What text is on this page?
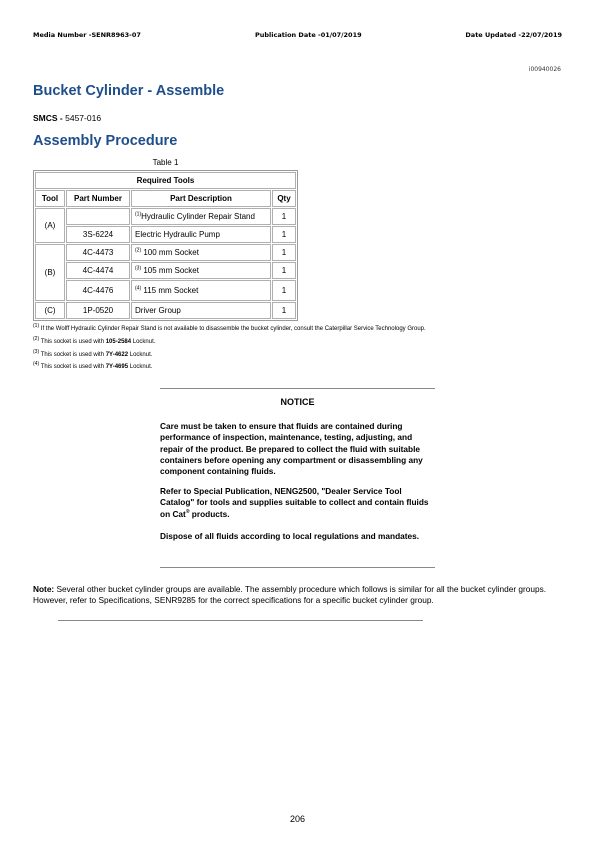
Media Number -SENR8963-07	Publication Date -01/07/2019	Date Updated -22/07/2019
i00940026
Bucket Cylinder - Assemble
SMCS - 5457-016
Assembly Procedure
Table 1
Required Tools			
Tool	Part Number	Part Description	Qty
(A)		$^{(1)}$Hydraulic Cylinder Repair Stand	1
	3S-6224	Electric Hydraulic Pump	1
(B)	4C-4473	$^{(2)}$ 100 mm Socket	1
	4C-4474	$^{(3)}$ 105 mm Socket	1
	4C-4476	$^{(4)}$ 115 mm Socket	1
(C)	1P-0520	Driver Group	1
$^{(1)}$ If the Wolff Hydraulic Cylinder Repair Stand is not available to disassemble the bucket cylinder, consult the Caterpillar Service Technology Group.
$^{(2)}$ This socket is used with 105-2584 Locknut.
$^{(3)}$ This socket is used with 7Y-4622 Locknut.
$^{(4)}$ This socket is used with 7Y-4695 Locknut.
NOTICE
Care must be taken to ensure that fluids are contained during performance of inspection, maintenance, testing, adjusting, and repair of the product. Be prepared to collect the fluid with suitable containers before opening any compartment or disassembling any component containing fluids.
Refer to Special Publication, NENG2500, "Dealer Service Tool Catalog" for tools and supplies suitable to collect and contain fluids on Cat® products.
Dispose of all fluids according to local regulations and mandates.
Note: Several other bucket cylinder groups are available. The assembly procedure which follows is similar for all the bucket cylinder groups. However, refer to Specifications, SENR9285 for the correct specifications for a specific bucket cylinder group.
206
